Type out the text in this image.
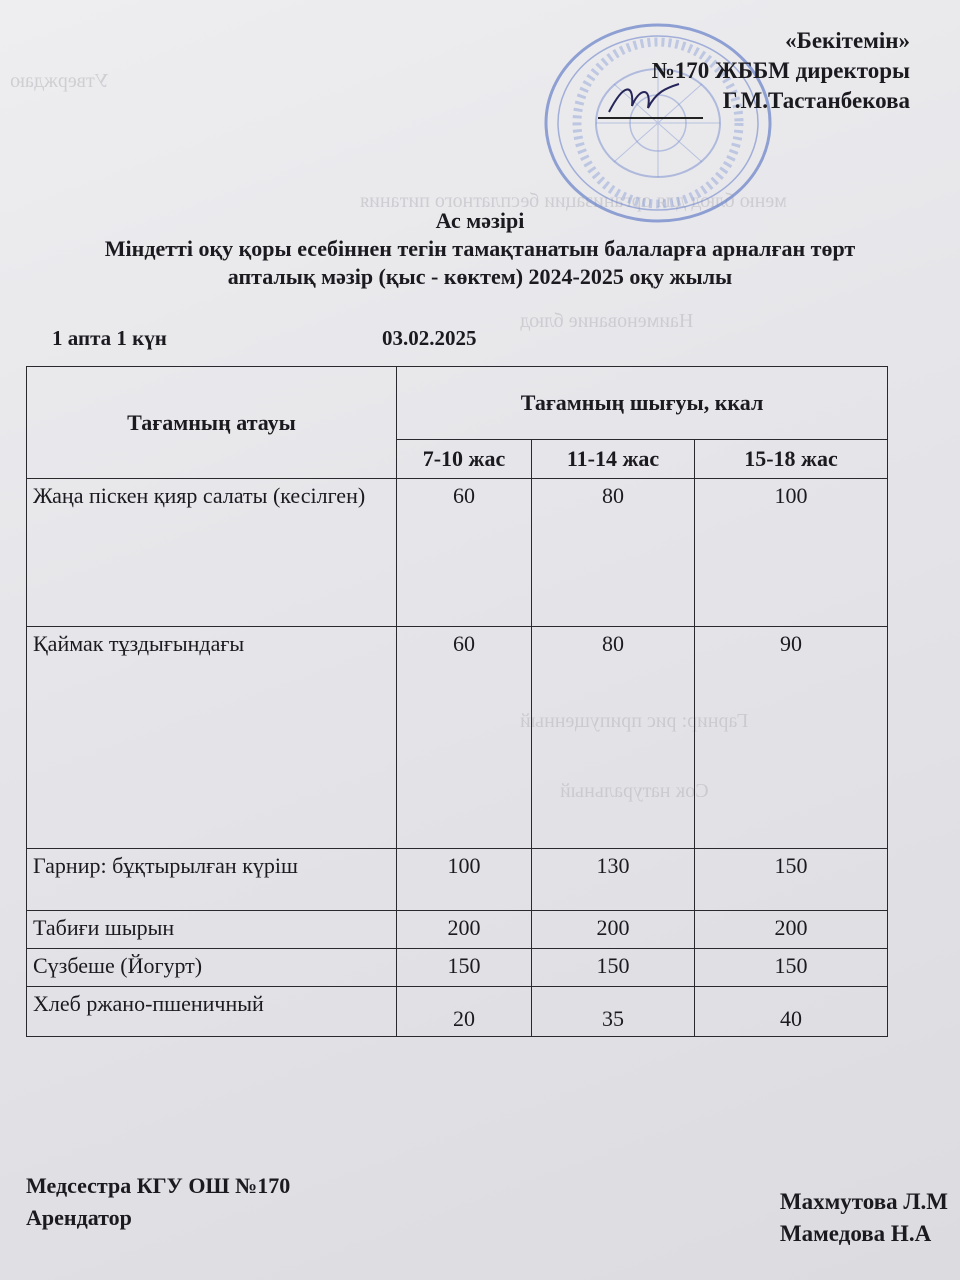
Утверждаю
меню блюд для организации бесплатного питания
Наименование блюд
Гарнир: рис припущенный
Сок натуральный
«Бекітемін»
№170 ЖББМ директоры
Г.М.Тастанбекова
Ас мәзірі
Міндетті оқу қоры есебіннен тегін тамақтанатын балаларға арналған төрт
апталық мәзір (қыс - көктем) 2024-2025 оқу жылы
1 апта 1 күн	03.02.2025
Тағамның атауы	Тағамның шығуы, ккал		
	7-10 жас	11-14 жас	15-18 жас
Жаңа піскен қияр салаты (кесілген)	60	80	100
Қаймак тұздығындағы	60	80	90
Гарнир: бұқтырылған күріш	100	130	150
Табиғи шырын	200	200	200
Сүзбеше (Йогурт)	150	150	150
Хлеб ржано-пшеничный	20	35	40
Медсестра КГУ ОШ №170
Арендатор
Махмутова Л.М
Мамедова Н.А
